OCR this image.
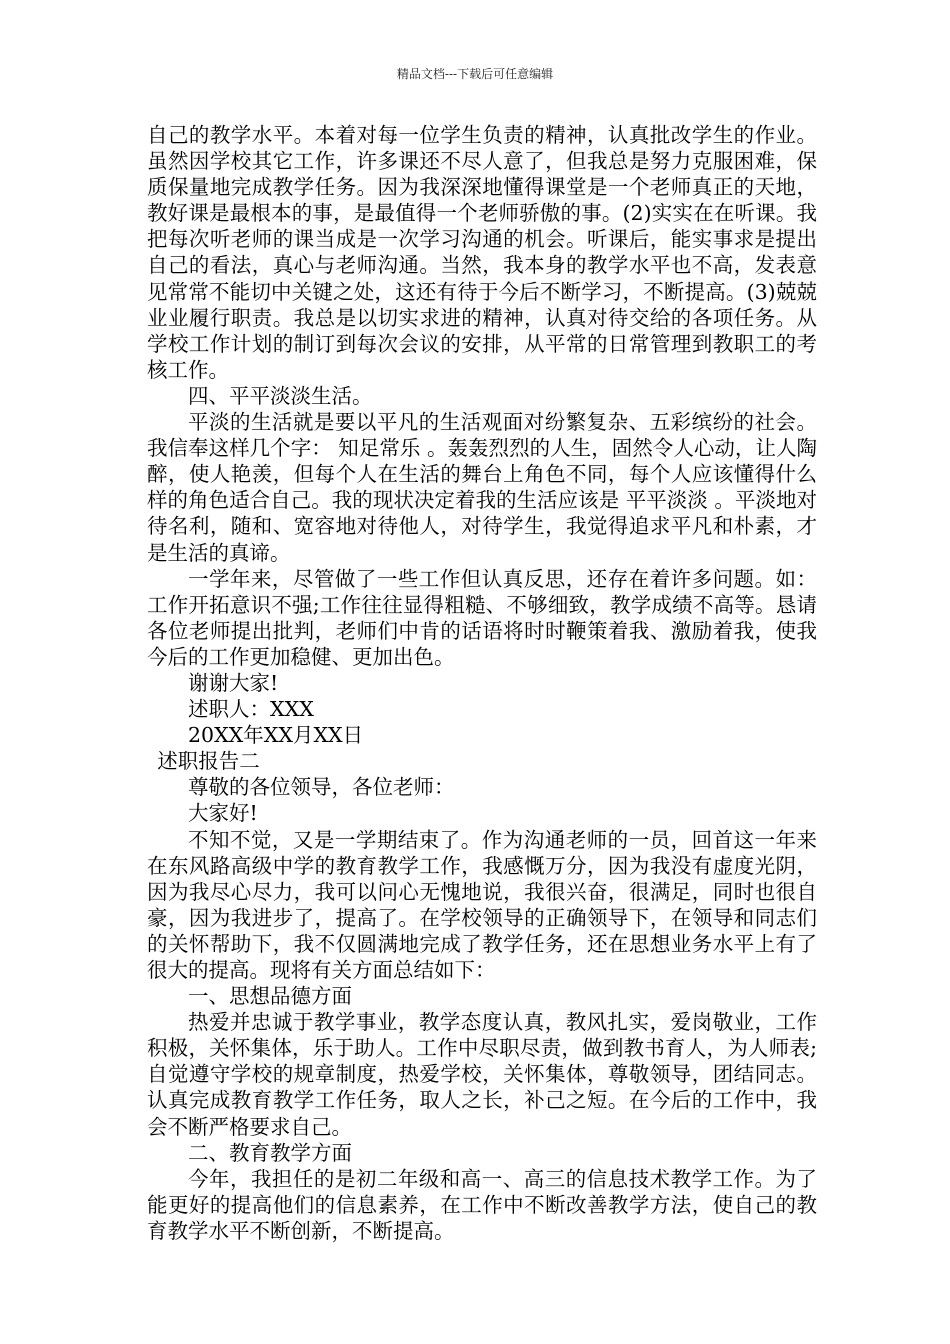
精品文档---下载后可任意编辑

自己的教学水平。本着对每一位学生负责的精神，认真批改学生的作业。虽然因学校其它工作，许多课还不尽人意了，但我总是努力克服困难，保质保量地完成教学任务。因为我深深地懂得课堂是一个老师真正的天地，教好课是最根本的事，是最值得一个老师骄傲的事。(2)实实在在听课。我把每次听老师的课当成是一次学习沟通的机会。听课后，能实事求是提出自己的看法，真心与老师沟通。当然，我本身的教学水平也不高，发表意见常常不能切中关键之处，这还有待于今后不断学习，不断提高。(3)兢兢业业履行职责。我总是以切实求进的精神，认真对待交给的各项任务。从学校工作计划的制订到每次会议的安排，从平常的日常管理到教职工的考核工作。

四、平平淡淡生活。

平淡的生活就是要以平凡的生活观面对纷繁复杂、五彩缤纷的社会。我信奉这样几个字： 知足常乐 。轰轰烈烈的人生，固然令人心动，让人陶醉，使人艳羡，但每个人在生活的舞台上角色不同，每个人应该懂得什么样的角色适合自己。我的现状决定着我的生活应该是 平平淡淡 。平淡地对待名利，随和、宽容地对待他人，对待学生，我觉得追求平凡和朴素，才是生活的真谛。

一学年来，尽管做了一些工作但认真反思，还存在着许多问题。如：工作开拓意识不强;工作往往显得粗糙、不够细致，教学成绩不高等。恳请各位老师提出批判，老师们中肯的话语将时时鞭策着我、激励着我，使我今后的工作更加稳健、更加出色。

谢谢大家!

述职人：XXX

20XX年XX月XX日

述职报告二

尊敬的各位领导，各位老师：

大家好!

不知不觉，又是一学期结束了。作为沟通老师的一员，回首这一年来在东风路高级中学的教育教学工作，我感慨万分，因为我没有虚度光阴，因为我尽心尽力，我可以问心无愧地说，我很兴奋，很满足，同时也很自豪，因为我进步了，提高了。在学校领导的正确领导下，在领导和同志们的关怀帮助下，我不仅圆满地完成了教学任务，还在思想业务水平上有了很大的提高。现将有关方面总结如下：

一、思想品德方面

热爱并忠诚于教学事业，教学态度认真，教风扎实，爱岗敬业，工作积极，关怀集体，乐于助人。工作中尽职尽责，做到教书育人，为人师表;自觉遵守学校的规章制度，热爱学校，关怀集体，尊敬领导，团结同志。认真完成教育教学工作任务，取人之长，补己之短。在今后的工作中，我会不断严格要求自己。

二、教育教学方面

今年，我担任的是初二年级和高一、高三的信息技术教学工作。为了能更好的提高他们的信息素养，在工作中不断改善教学方法，使自己的教育教学水平不断创新，不断提高。
